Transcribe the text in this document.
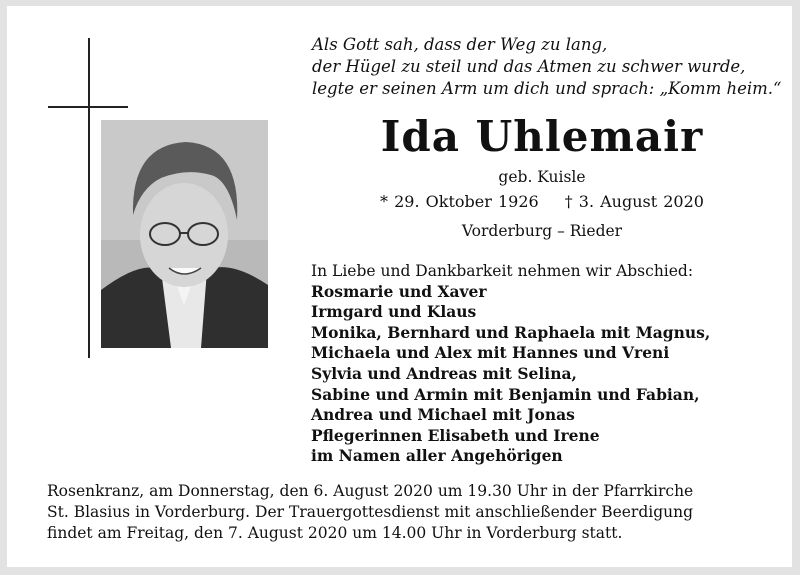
Als Gott sah, dass der Weg zu lang,
der Hügel zu steil und das Atmen zu schwer wurde,
legte er seinen Arm um dich und sprach: „Komm heim.“
Ida Uhlemair
geb. Kuisle
* 29. Oktober 1926 † 3. August 2020
Vorderburg – Rieder
In Liebe und Dankbarkeit nehmen wir Abschied:
Rosmarie und Xaver
Irmgard und Klaus
Monika, Bernhard und Raphaela mit Magnus,
Michaela und Alex mit Hannes und Vreni
Sylvia und Andreas mit Selina,
Sabine und Armin mit Benjamin und Fabian,
Andrea und Michael mit Jonas
Pflegerinnen Elisabeth und Irene
im Namen aller Angehörigen
Rosenkranz, am Donnerstag, den 6. August 2020 um 19.30 Uhr in der Pfarrkirche
St. Blasius in Vorderburg. Der Trauergottesdienst mit anschließender Beerdigung
findet am Freitag, den 7. August 2020 um 14.00 Uhr in Vorderburg statt.
